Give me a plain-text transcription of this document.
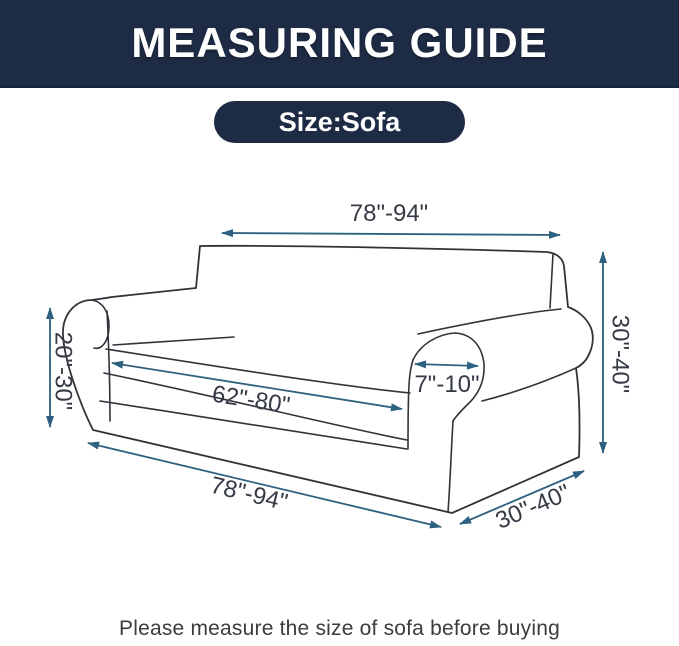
MEASURING GUIDE
Size:Sofa
78"-94"
20"-30"	30"-40"
7"-10"
62"-80"
78"-94"	30"-40"
Please measure the size of sofa before buying
